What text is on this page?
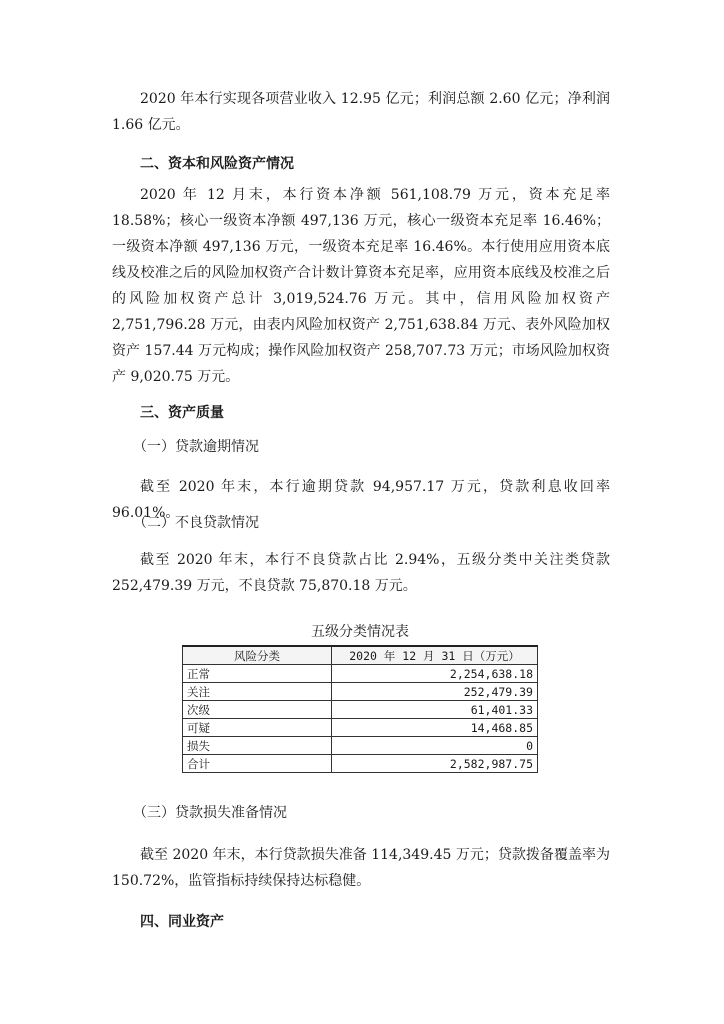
2020 年本行实现各项营业收入 12.95 亿元；利润总额 2.60 亿元；净利润 1.66 亿元。

二、资本和风险资产情况

2020 年 12 月末，本行资本净额 561,108.79 万元，资本充足率 18.58%；核心一级资本净额 497,136 万元，核心一级资本充足率 16.46%；一级资本净额 497,136 万元，一级资本充足率 16.46%。本行使用应用资本底线及校准之后的风险加权资产合计数计算资本充足率，应用资本底线及校准之后的风险加权资产总计 3,019,524.76 万元。其中，信用风险加权资产 2,751,796.28 万元，由表内风险加权资产 2,751,638.84 万元、表外风险加权资产 157.44 万元构成；操作风险加权资产 258,707.73 万元；市场风险加权资产 9,020.75 万元。

三、资产质量

（一）贷款逾期情况

截至 2020 年末，本行逾期贷款 94,957.17 万元，贷款利息收回率 96.01%。

（二）不良贷款情况

截至 2020 年末，本行不良贷款占比 2.94%，五级分类中关注类贷款 252,479.39 万元，不良贷款 75,870.18 万元。

五级分类情况表

风险分类	2020 年 12 月 31 日（万元）
正常	2,254,638.18
关注	252,479.39
次级	61,401.33
可疑	14,468.85
损失	0
合计	2,582,987.75

（三）贷款损失准备情况

截至 2020 年末，本行贷款损失准备 114,349.45 万元；贷款拨备覆盖率为 150.72%，监管指标持续保持达标稳健。

四、同业资产
